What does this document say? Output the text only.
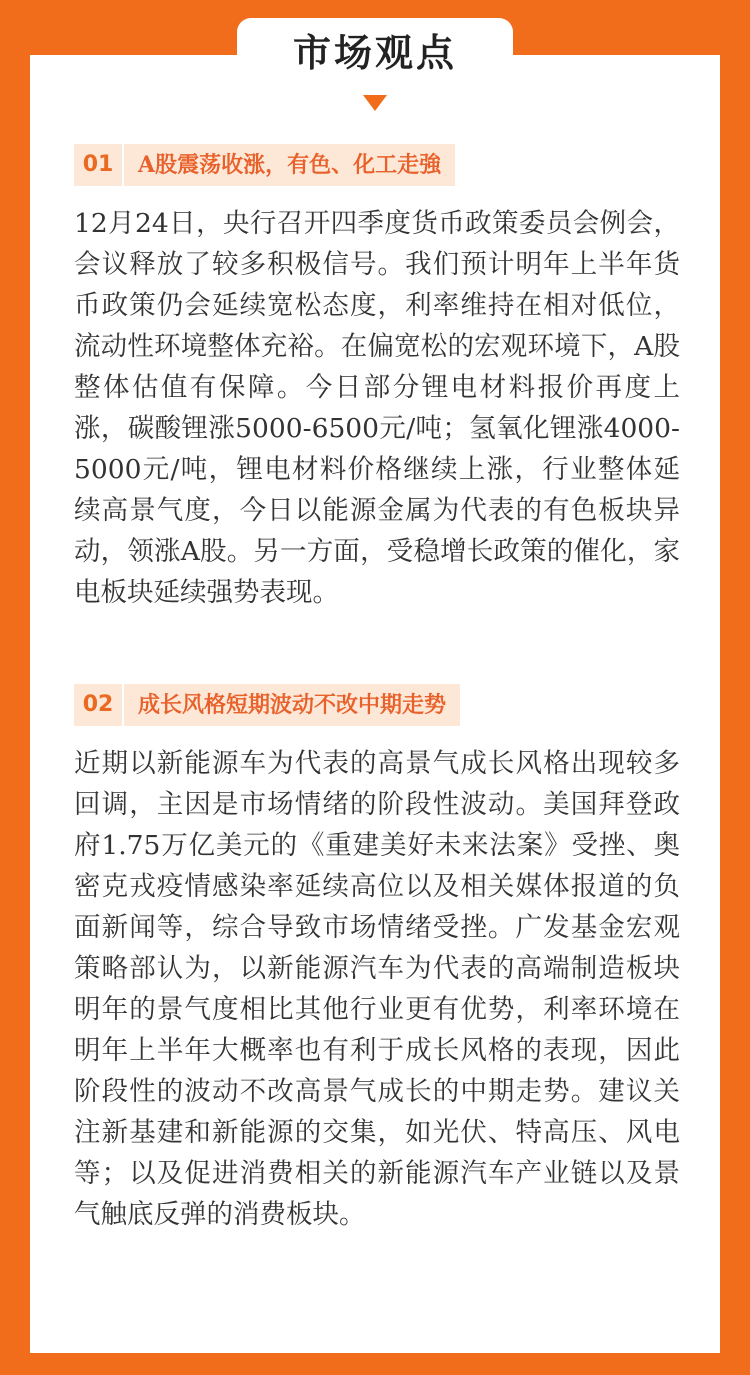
市场观点
01	A股震荡收涨，有色、化工走強

12月24日，央行召开四季度货币政策委员会例会，会议释放了较多积极信号。我们预计明年上半年货币政策仍会延续宽松态度，利率维持在相对低位，流动性环境整体充裕。在偏宽松的宏观环境下，A股整体估值有保障。今日部分锂电材料报价再度上涨，碳酸锂涨5000-6500元/吨；氢氧化锂涨4000-5000元/吨，锂电材料价格继续上涨，行业整体延续高景气度，今日以能源金属为代表的有色板块异动，领涨A股。另一方面，受稳增长政策的催化，家电板块延续强势表现。

02	成长风格短期波动不改中期走势

近期以新能源车为代表的高景气成长风格出现较多回调，主因是市场情绪的阶段性波动。美国拜登政府1.75万亿美元的《重建美好未来法案》受挫、奥密克戎疫情感染率延续高位以及相关媒体报道的负面新闻等，综合导致市场情绪受挫。广发基金宏观策略部认为，以新能源汽车为代表的高端制造板块明年的景气度相比其他行业更有优势，利率环境在明年上半年大概率也有利于成长风格的表现，因此阶段性的波动不改高景气成长的中期走势。建议关注新基建和新能源的交集，如光伏、特高压、风电等；以及促进消费相关的新能源汽车产业链以及景气触底反弹的消费板块。
